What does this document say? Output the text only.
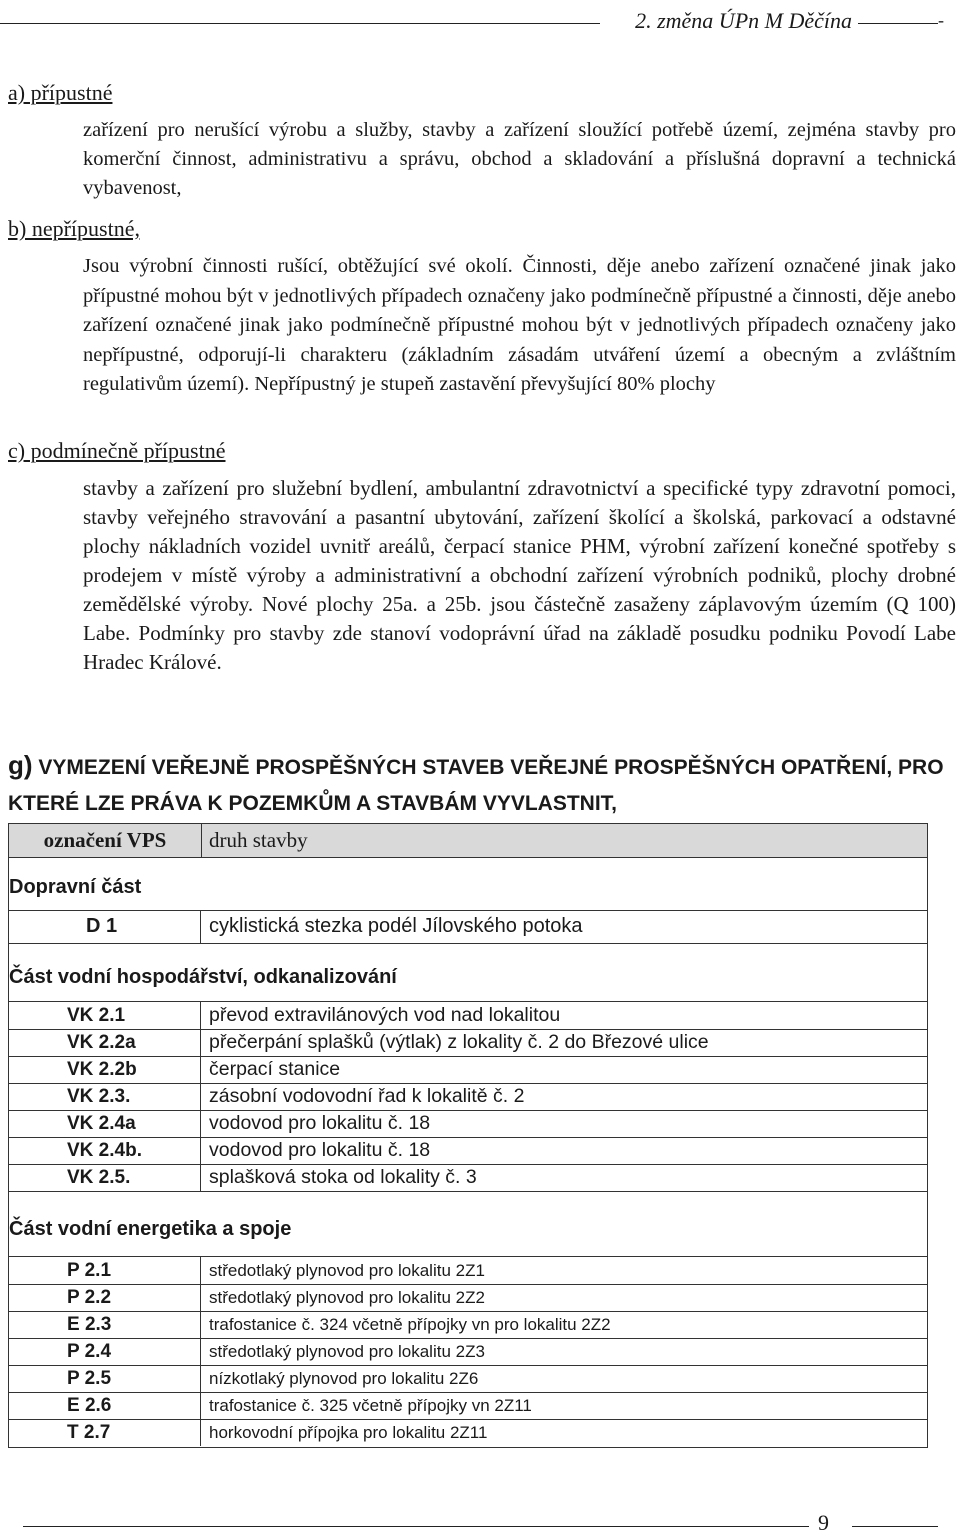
2. změna ÚPn M Děčína	-
a) přípustné
zařízení pro nerušící výrobu a služby, stavby a zařízení sloužící potřebě území, zejména stavby pro komerční činnost, administrativu a správu, obchod a skladování a příslušná dopravní a technická vybavenost,
b) nepřípustné,
Jsou výrobní činnosti rušící, obtěžující své okolí. Činnosti, děje anebo zařízení označené jinak jako přípustné mohou být v jednotlivých případech označeny jako podmínečně přípustné a činnosti, děje anebo zařízení označené jinak jako podmínečně přípustné mohou být v jednotlivých případech označeny jako nepřípustné, odporují-li charakteru (základním zásadám utváření území a obecným a zvláštním regulativům území). Nepřípustný je stupeň zastavění převyšující 80% plochy
c) podmínečně přípustné
stavby a zařízení pro služební bydlení, ambulantní zdravotnictví a specifické typy zdravotní pomoci, stavby veřejného stravování a pasantní ubytování, zařízení školící a školská, parkovací a odstavné plochy nákladních vozidel uvnitř areálů, čerpací stanice PHM, výrobní zařízení konečné spotřeby s prodejem v místě výroby a administrativní a obchodní zařízení výrobních podniků, plochy drobné zemědělské výroby. Nové plochy 25a. a 25b. jsou částečně zasaženy záplavovým územím (Q 100) Labe. Podmínky pro stavby zde stanoví vodoprávní úřad na základě posudku podniku Povodí Labe Hradec Králové.
g) VYMEZENÍ VEŘEJNĚ PROSPĚŠNÝCH STAVEB VEŘEJNÉ PROSPĚŠNÝCH OPATŘENÍ, PRO KTERÉ LZE PRÁVA K POZEMKŮM A STAVBÁM VYVLASTNIT,
označení VPS	druh stavby
Dopravní část
D 1	cyklistická stezka podél Jílovského potoka
Část vodní hospodářství, odkanalizování
VK 2.1	převod extravilánových vod nad lokalitou
VK 2.2a	přečerpání splašků (výtlak) z lokality č. 2 do Březové ulice
VK 2.2b	čerpací stanice
VK 2.3.	zásobní vodovodní řad k lokalitě č. 2
VK 2.4a	vodovod pro lokalitu č. 18
VK 2.4b.	vodovod pro lokalitu č. 18
VK 2.5.	splašková stoka od lokality č. 3
Část vodní energetika a spoje
P 2.1	středotlaký plynovod pro lokalitu 2Z1
P 2.2	středotlaký plynovod pro lokalitu 2Z2
E 2.3	trafostanice č. 324 včetně přípojky vn pro lokalitu 2Z2
P 2.4	středotlaký plynovod pro lokalitu 2Z3
P 2.5	nízkotlaký plynovod pro lokalitu 2Z6
E 2.6	trafostanice č. 325 včetně přípojky vn 2Z11
T 2.7	horkovodní přípojka pro lokalitu 2Z11
9
